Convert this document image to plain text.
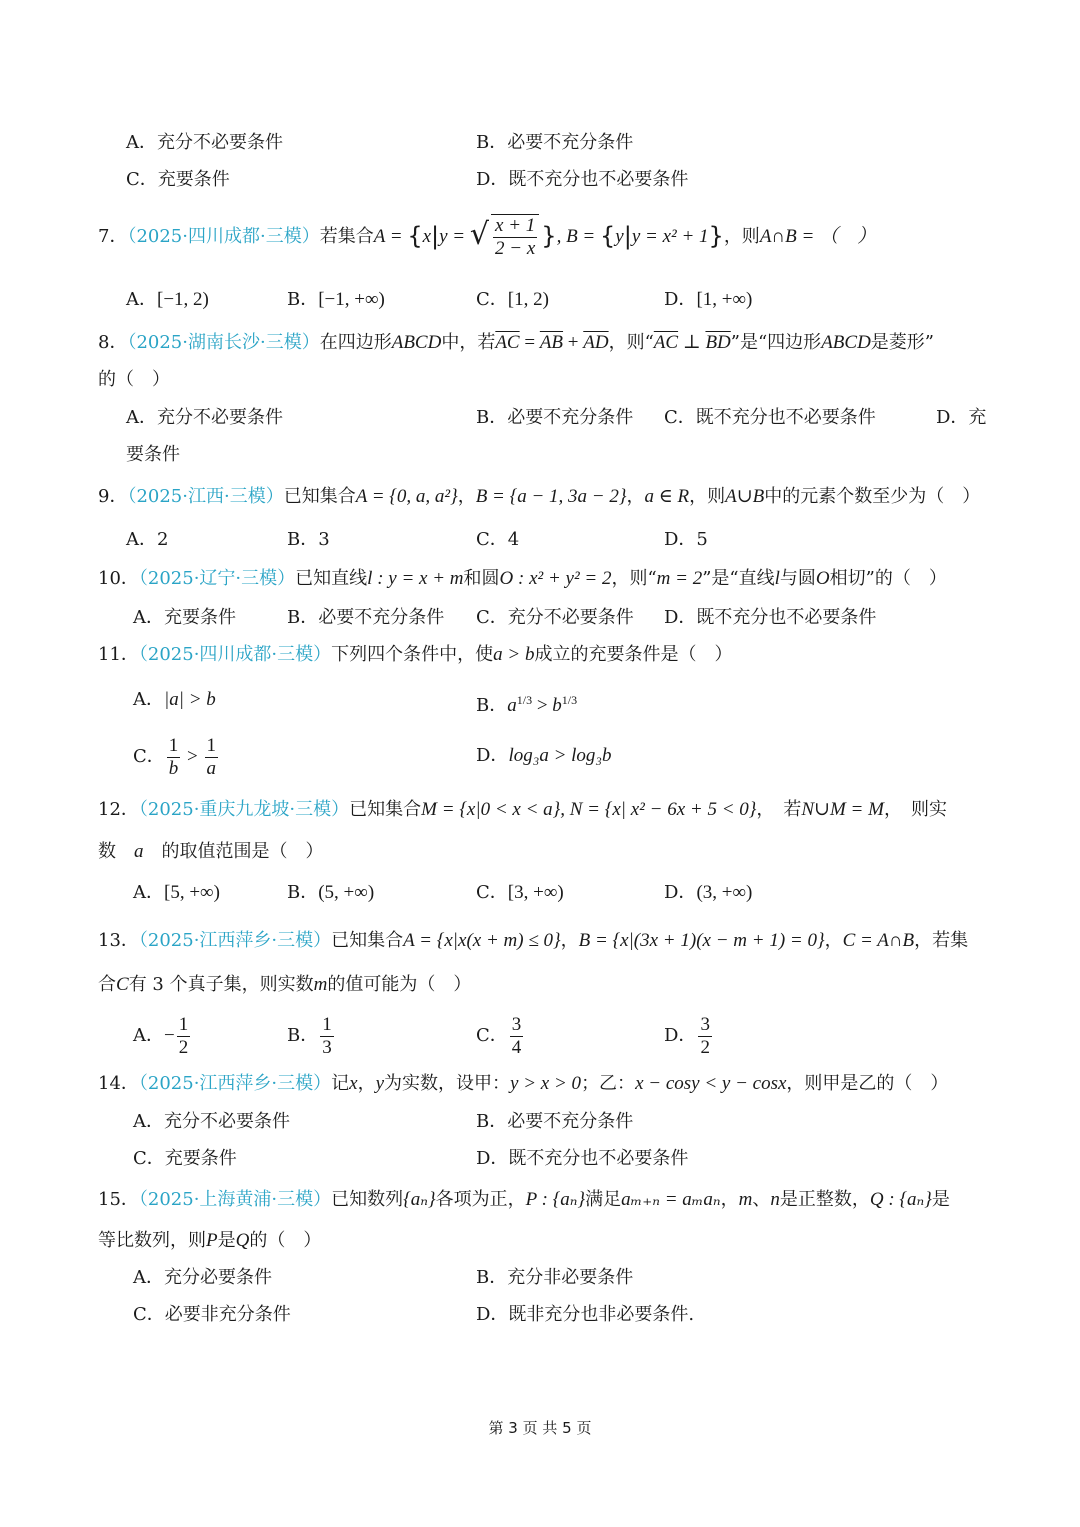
A．充分不必要条件	B．必要不充分条件
C．充要条件	D．既不充分也不必要条件
7．（2025·四川成都·三模）若集合A = {x|y = √ $\frac{x + 1}{2 - x}$ }, B = {y|y = x² + 1}，则A∩B = （　）
A．[−1, 2)	B．[−1, +∞)	C．[1, 2)	D．[1, +∞)
8．（2025·湖南长沙·三模）在四边形ABCD中，若$\overline{AC} = \overline{AB} + \overline{AD}$，则“$\overline{AC}$ ⊥ $\overline{BD}$”是“四边形ABCD是菱形”
的（　）
A．充分不必要条件	B．必要不充分条件 C．既不充分也不必要条件	D．充
要条件
9．（2025·江西·三模）已知集合A = {0, a, a²}，B = {a − 1, 3a − 2}，a ∈ R，则A∪B中的元素个数至少为（　）
A．2	B．3	C．4	D．5
10．（2025·辽宁·三模）已知直线l : y = x + m和圆O : x² + y² = 2，则“m = 2”是“直线l与圆O相切”的（　）
A．充要条件	B．必要不充分条件 C．充分不必要条件 D．既不充分也不必要条件
11．（2025·四川成都·三模）下列四个条件中，使a > b成立的充要条件是（　）
A．|a| > b	B．$a^{1/3} > b^{1/3}$
C． $\frac{1}{b} > \frac{1}{a}$	D．log₃a > log₃b
12．（2025·重庆九龙坡·三模）已知集合M = {x|0 < x < a}, N = {x| x² − 6x + 5 < 0}，　若N∪M = M，　则实
数　 a　 的取值范围是（　）
A．[5, +∞)	B．(5, +∞)	C．[3, +∞)	D．(3, +∞)
13．（2025·江西萍乡·三模）已知集合A = {x|x(x + m) ≤ 0}，B = {x|(3x + 1)(x − m + 1) = 0}，C = A∩B，若集
合C有 3 个真子集，则实数m的值可能为（　）
A．− $\frac{1}{2}$	B． $\frac{1}{3}$	C． $\frac{3}{4}$	D． $\frac{3}{2}$
14．（2025·江西萍乡·三模）记x，y为实数，设甲：y > x > 0；乙：x − cosy < y − cosx，则甲是乙的（　）
A．充分不必要条件	B．必要不充分条件
C．充要条件	D．既不充分也不必要条件
15．（2025·上海黄浦·三模）已知数列{aₙ}各项为正，P : {aₙ}满足aₘ₊ₙ = aₘaₙ，m、n是正整数，Q : {aₙ}是
等比数列，则P是Q的（　）
A．充分必要条件	B．充分非必要条件
C．必要非充分条件	D．既非充分也非必要条件.
第 3 页 共 5 页
